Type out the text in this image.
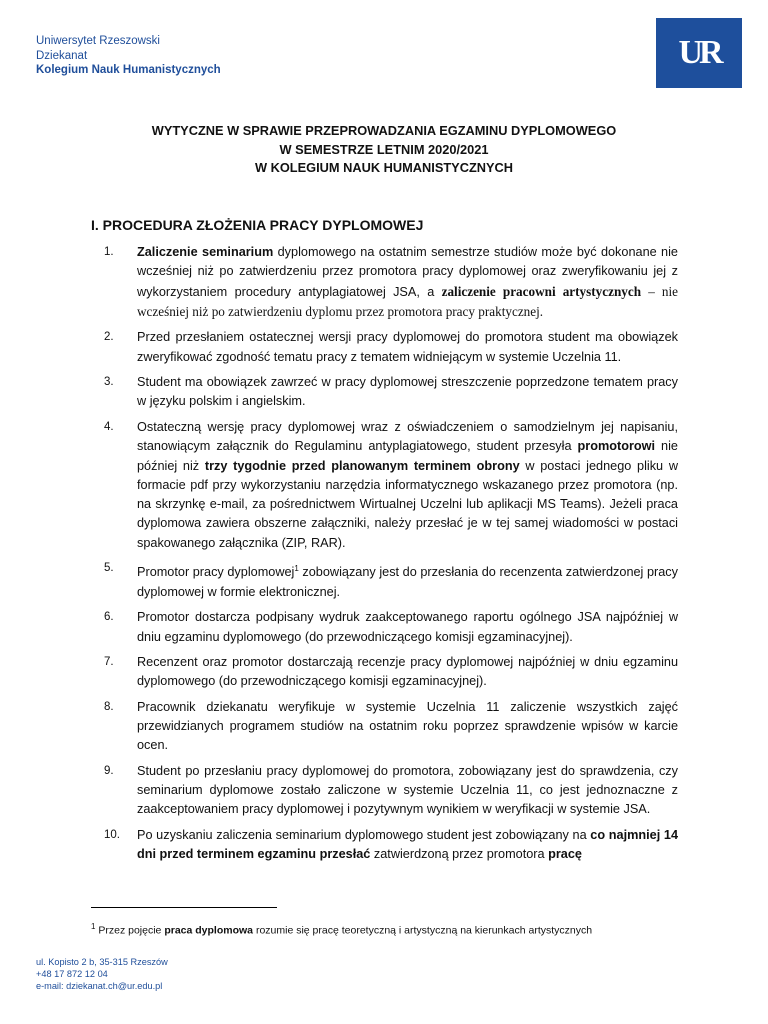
Uniwersytet Rzeszowski
Dziekanat
Kolegium Nauk Humanistycznych	UR
WYTYCZNE W SPRAWIE PRZEPROWADZANIA EGZAMINU DYPLOMOWEGO
W SEMESTRZE LETNIM 2020/2021
W KOLEGIUM NAUK HUMANISTYCZNYCH
I. PROCEDURA ZŁOŻENIA PRACY DYPLOMOWEJ
1.	Zaliczenie seminarium dyplomowego na ostatnim semestrze studiów może być dokonane nie wcześniej niż po zatwierdzeniu przez promotora pracy dyplomowej oraz zweryfikowaniu jej z wykorzystaniem procedury antyplagiatowej JSA, a zaliczenie pracowni artystycznych – nie wcześniej niż po zatwierdzeniu dyplomu przez promotora pracy praktycznej.
2.	Przed przesłaniem ostatecznej wersji pracy dyplomowej do promotora student ma obowiązek zweryfikować zgodność tematu pracy z tematem widniejącym w systemie Uczelnia 11.
3.	Student ma obowiązek zawrzeć w pracy dyplomowej streszczenie poprzedzone tematem pracy w języku polskim i angielskim.
4.	Ostateczną wersję pracy dyplomowej wraz z oświadczeniem o samodzielnym jej napisaniu, stanowiącym załącznik do Regulaminu antyplagiatowego, student przesyła promotorowi nie później niż trzy tygodnie przed planowanym terminem obrony w postaci jednego pliku w formacie pdf przy wykorzystaniu narzędzia informatycznego wskazanego przez promotora (np. na skrzynkę e-mail, za pośrednictwem Wirtualnej Uczelni lub aplikacji MS Teams). Jeżeli praca dyplomowa zawiera obszerne załączniki, należy przesłać je w tej samej wiadomości w postaci spakowanego załącznika (ZIP, RAR).
5.	Promotor pracy dyplomowej$^1$ zobowiązany jest do przesłania do recenzenta zatwierdzonej pracy dyplomowej w formie elektronicznej.
6.	Promotor dostarcza podpisany wydruk zaakceptowanego raportu ogólnego JSA najpóźniej w dniu egzaminu dyplomowego (do przewodniczącego komisji egzaminacyjnej).
7.	Recenzent oraz promotor dostarczają recenzje pracy dyplomowej najpóźniej w dniu egzaminu dyplomowego (do przewodniczącego komisji egzaminacyjnej).
8.	Pracownik dziekanatu weryfikuje w systemie Uczelnia 11 zaliczenie wszystkich zajęć przewidzianych programem studiów na ostatnim roku poprzez sprawdzenie wpisów w karcie ocen.
9.	Student po przesłaniu pracy dyplomowej do promotora, zobowiązany jest do sprawdzenia, czy seminarium dyplomowe zostało zaliczone w systemie Uczelnia 11, co jest jednoznaczne z zaakceptowaniem pracy dyplomowej i pozytywnym wynikiem w weryfikacji w systemie JSA.
10.	Po uzyskaniu zaliczenia seminarium dyplomowego student jest zobowiązany na co najmniej 14 dni przed terminem egzaminu przesłać zatwierdzoną przez promotora pracę
$^1$ Przez pojęcie praca dyplomowa rozumie się pracę teoretyczną i artystyczną na kierunkach artystycznych
ul. Kopisto 2 b, 35-315 Rzeszów
+48 17 872 12 04
e-mail: dziekanat.ch@ur.edu.pl
